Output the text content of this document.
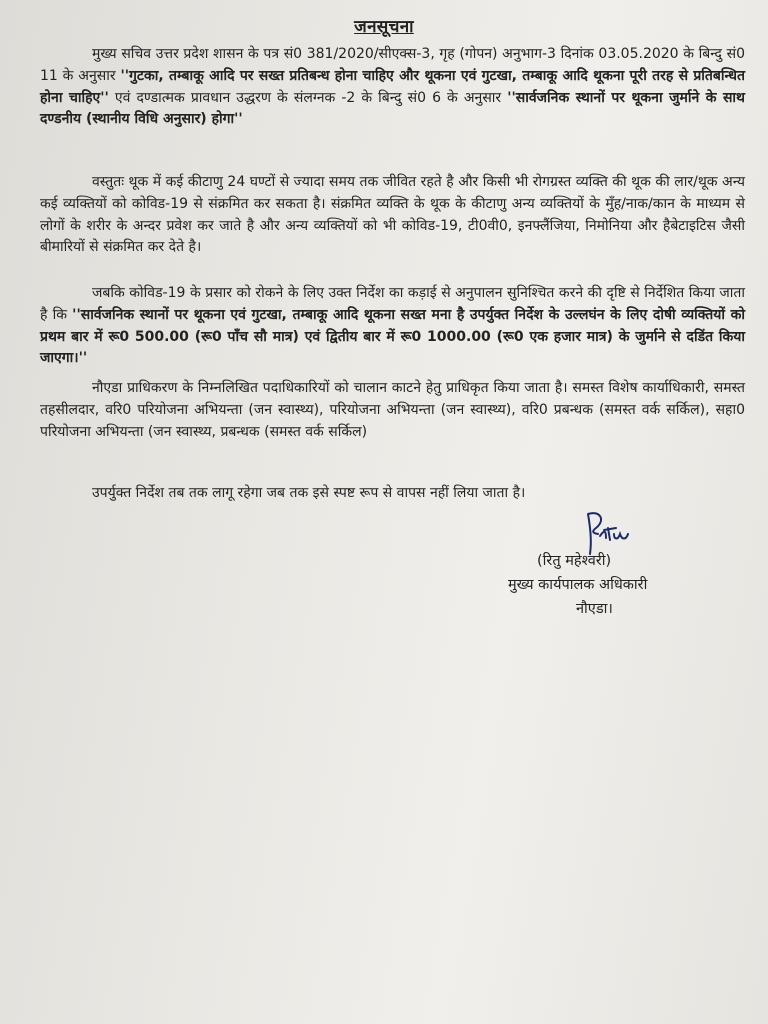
जनसूचना
मुख्य सचिव उत्तर प्रदेश शासन के पत्र सं0 381/2020/सीएक्स-3, गृह (गोपन) अनुभाग-3 दिनांक 03.05.2020 के बिन्दु सं0 11 के अनुसार ''गुटका, तम्बाकू आदि पर सख्त प्रतिबन्ध होना चाहिए और थूकना एवं गुटखा, तम्बाकू आदि थूकना पूरी तरह से प्रतिबन्धित होना चाहिए'' एवं दण्डात्मक प्रावधान उद्धरण के संलग्नक -2 के बिन्दु सं0 6 के अनुसार ''सार्वजनिक स्थानों पर थूकना जुर्माने के साथ दण्डनीय (स्थानीय विधि अनुसार) होगा''
वस्तुतः थूक में कई कीटाणु 24 घण्टों से ज्यादा समय तक जीवित रहते है और किसी भी रोगग्रस्त व्यक्ति की थूक की लार/थूक अन्य कई व्यक्तियों को कोविड-19 से संक्रमित कर सकता है। संक्रमित व्यक्ति के थूक के कीटाणु अन्य व्यक्तियों के मुँह/नाक/कान के माध्यम से लोगों के शरीर के अन्दर प्रवेश कर जाते है और अन्य व्यक्तियों को भी कोविड-19, टी0वी0, इनफ्लैंजिया, निमोनिया और हैबेटाइटिस जैसी बीमारियों से संक्रमित कर देते है।
जबकि कोविड-19 के प्रसार को रोकने के लिए उक्त निर्देश का कड़ाई से अनुपालन सुनिश्चित करने की दृष्टि से निर्देशित किया जाता है कि ''सार्वजनिक स्थानों पर थूकना एवं गुटखा, तम्बाकू आदि थूकना सख्त मना है उपर्युक्त निर्देश के उल्लघंन के लिए दोषी व्यक्तियों को प्रथम बार में रू0 500.00 (रू0 पाँच सौ मात्र) एवं द्वितीय बार में रू0 1000.00 (रू0 एक हजार मात्र) के जुर्माने से दडिंत किया जाएगा।''
नौएडा प्राधिकरण के निम्नलिखित पदाधिकारियों को चालान काटने हेतु प्राधिकृत किया जाता है। समस्त विशेष कार्याधिकारी, समस्त तहसीलदार, वरि0 परियोजना अभियन्ता (जन स्वास्थ्य), परियोजना अभियन्ता (जन स्वास्थ्य), वरि0 प्रबन्धक (समस्त वर्क सर्किल), सहा0 परियोजना अभियन्ता (जन स्वास्थ्य, प्रबन्धक (समस्त वर्क सर्किल)
उपर्युक्त निर्देश तब तक लागू रहेगा जब तक इसे स्पष्ट रूप से वापस नहीं लिया जाता है।
(रितु महेश्वरी)
मुख्य कार्यपालक अधिकारी
नौएडा।
